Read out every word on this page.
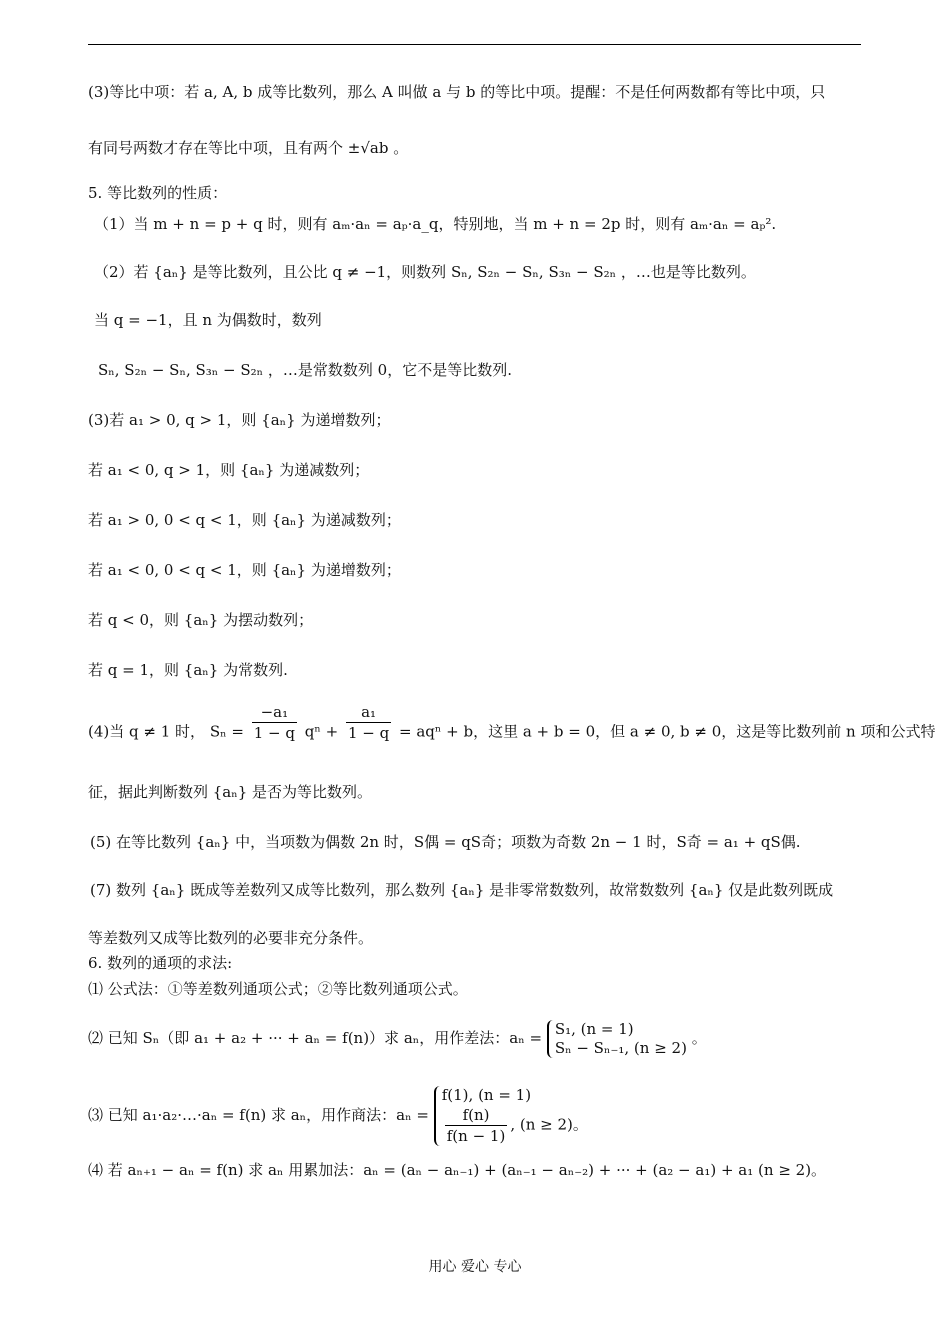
(3)等比中项：若 a, A, b 成等比数列，那么 A 叫做 a 与 b 的等比中项。提醒：不是任何两数都有等比中项，只
有同号两数才存在等比中项，且有两个 ±√ab 。
5. 等比数列的性质：
（1）当 m + n = p + q 时，则有 aₘ·aₙ = aₚ·a_q，特别地，当 m + n = 2p 时，则有 aₘ·aₙ = aₚ².
（2）若 {aₙ} 是等比数列，且公比 q ≠ −1，则数列 Sₙ, S₂ₙ − Sₙ, S₃ₙ − S₂ₙ ，…也是等比数列。
当 q = −1，且 n 为偶数时，数列
Sₙ, S₂ₙ − Sₙ, S₃ₙ − S₂ₙ ，…是常数数列 0，它不是等比数列.
(3)若 a₁ > 0, q > 1，则 {aₙ} 为递增数列；
若 a₁ < 0, q > 1，则 {aₙ} 为递减数列；
若 a₁ > 0, 0 < q < 1，则 {aₙ} 为递减数列；
若 a₁ < 0, 0 < q < 1，则 {aₙ} 为递增数列；
若 q < 0，则 {aₙ} 为摆动数列；
若 q = 1，则 {aₙ} 为常数列.
(4)当 q ≠ 1 时， $S_n = \frac{\text{−a₁}}{1 - q}$ $q^n + \frac{\text{a₁}}{1 - q} = aq^n + b$，这里 a + b = 0，但 a ≠ 0, b ≠ 0，这是等比数列前 n 项和公式特
征，据此判断数列 {aₙ} 是否为等比数列。
(5) 在等比数列 {aₙ} 中，当项数为偶数 2n 时，S偶 = qS奇；项数为奇数 2n − 1 时，S奇 = a₁ + qS偶.
(7) 数列 {aₙ} 既成等差数列又成等比数列，那么数列 {aₙ} 是非零常数数列，故常数数列 {aₙ} 仅是此数列既成
等差数列又成等比数列的必要非充分条件。
6. 数列的通项的求法:
⑴ 公式法：①等差数列通项公式；②等比数列通项公式。
⑵ 已知 Sₙ（即 a₁ + a₂ + ··· + aₙ = f(n)）求 aₙ，用作差法：aₙ = S₁, (n = 1)
Sₙ − Sₙ₋₁, (n ≥ 2)
。
⑶ 已知 a₁·a₂·…·aₙ = f(n) 求 aₙ，用作商法：aₙ =
f(1), (n = 1)
$\frac{f(n)}{f(n - 1)}$ , (n ≥ 2)。
⑷ 若 aₙ₊₁ − aₙ = f(n) 求 aₙ 用累加法：aₙ = (aₙ − aₙ₋₁) + (aₙ₋₁ − aₙ₋₂) + ··· + (a₂ − a₁) + a₁ (n ≥ 2)。
用心 爱心 专心
